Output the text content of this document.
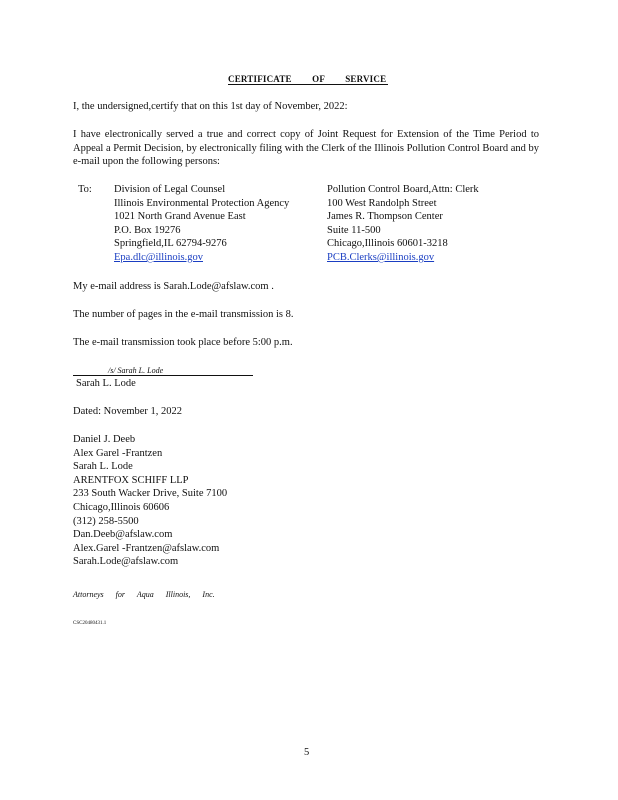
CERTIFICATE OF SERVICE
I, the undersigned,certify that on this 1st day of November, 2022:
I have electronically served a true and correct copy of Joint Request for Extension of the Time Period to Appeal a Permit Decision, by electronically filing with the Clerk of the Illinois Pollution Control Board and by e-mail upon the following persons:
To: Division of Legal Counsel
Illinois Environmental Protection Agency
1021 North Grand Avenue East
P.O. Box 19276
Springfield,IL 62794-9276
Epa.dlc@illinois.gov
Pollution Control Board,Attn: Clerk
100 West Randolph Street
James R. Thompson Center
Suite 11-500
Chicago,Illinois 60601-3218
PCB.Clerks@illinois.gov
My e-mail address is Sarah.Lode@afslaw.com .
The number of pages in the e-mail transmission is 8.
The e-mail transmission took place before 5:00 p.m.
/s/ Sarah L. Lode
Sarah L. Lode
Dated: November 1, 2022
Daniel J. Deeb
Alex Garel -Frantzen
Sarah L. Lode
ARENTFOX SCHIFF LLP
233 South Wacker Drive, Suite 7100
Chicago,Illinois 60606
(312) 258-5500
Dan.Deeb@afslaw.com
Alex.Garel -Frantzen@afslaw.com
Sarah.Lode@afslaw.com
Attorneys for Aqua Illinois, Inc.
CSC20480431.1
5
